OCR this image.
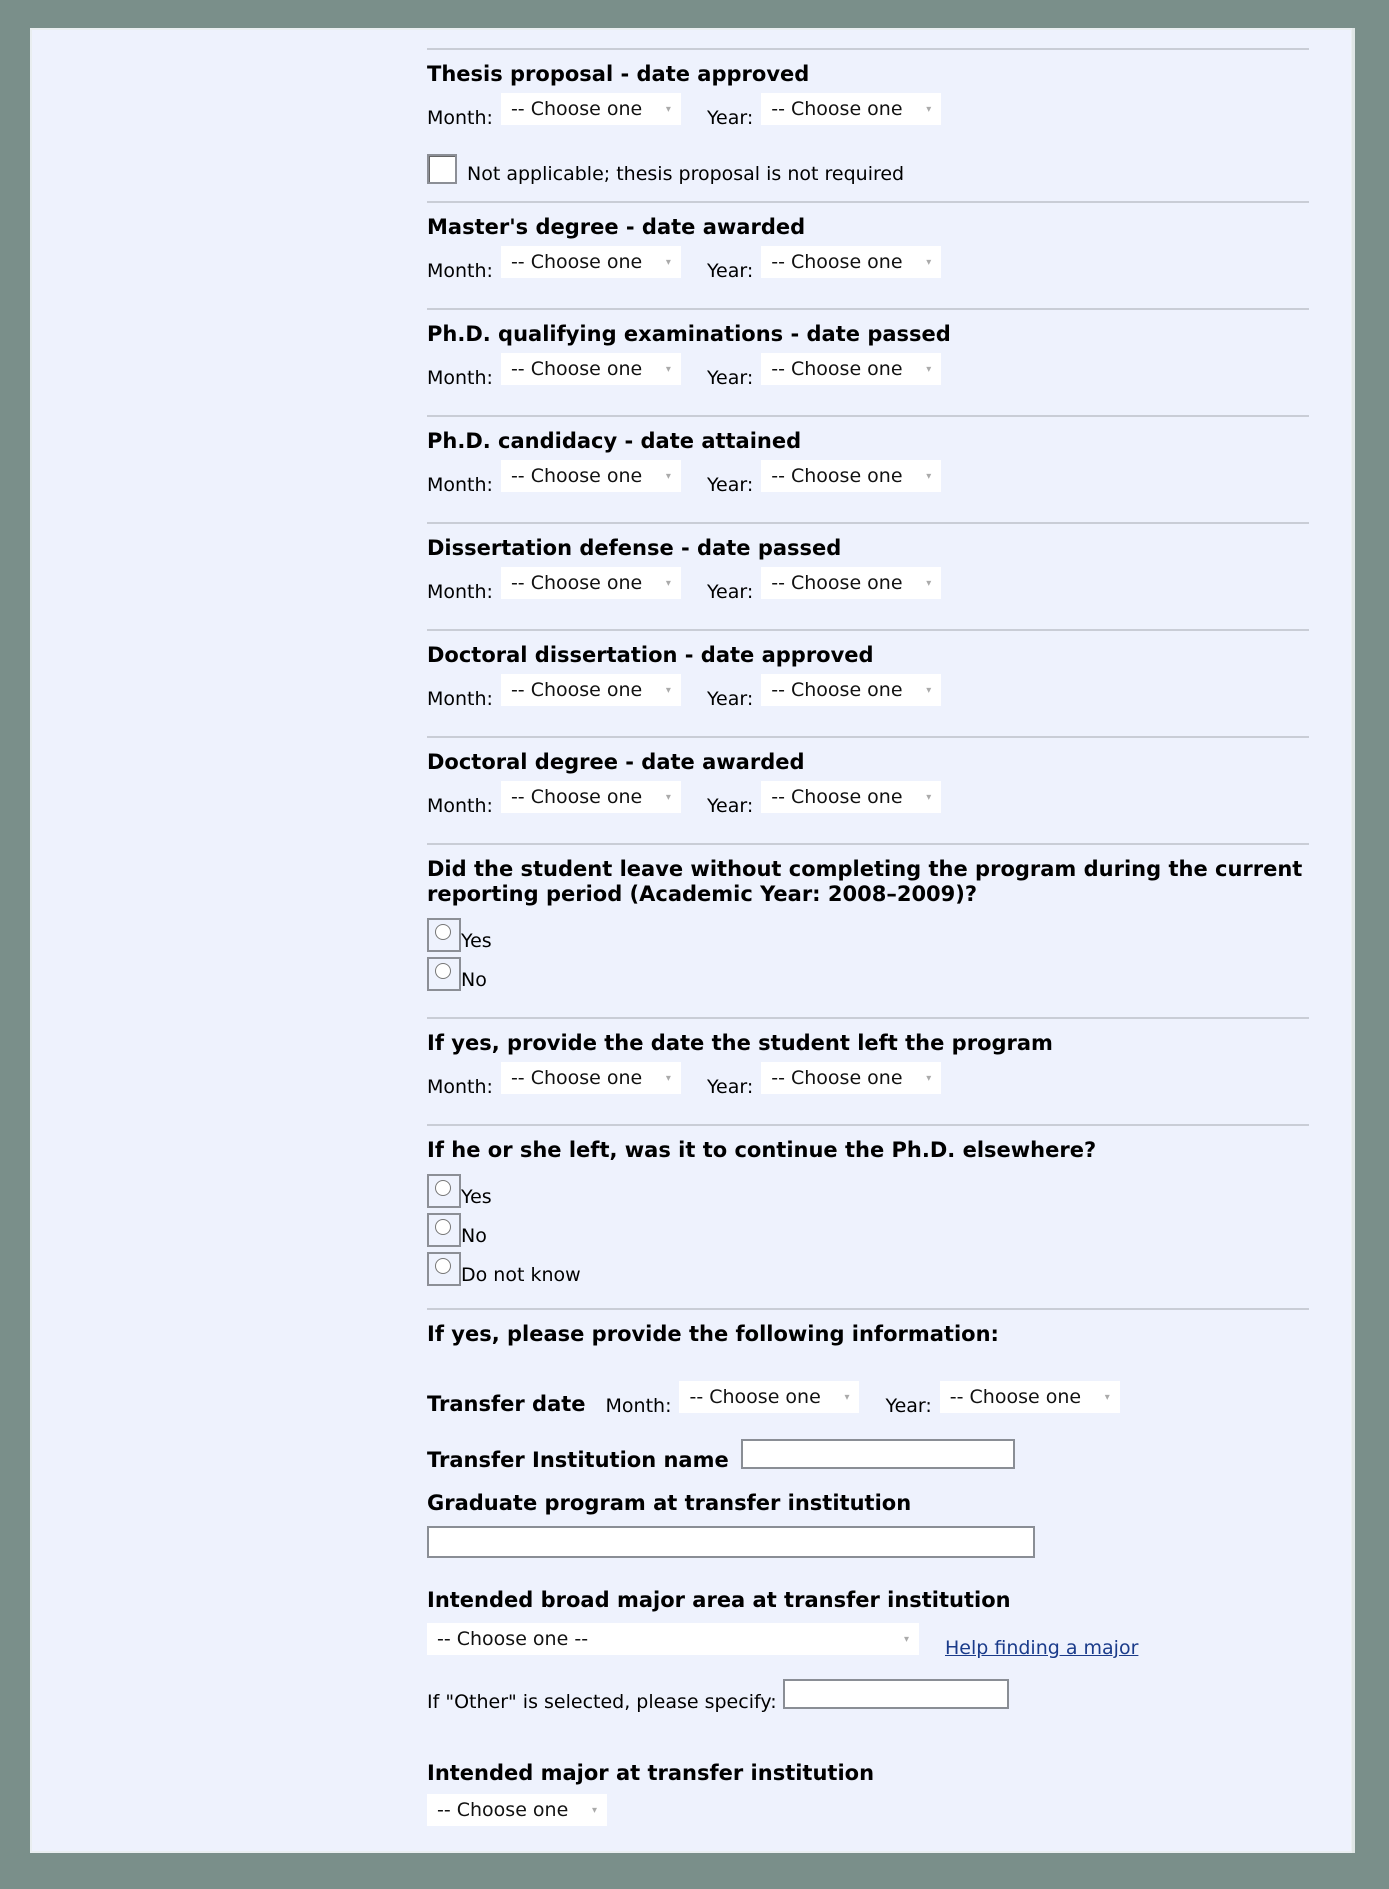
Thesis proposal - date approved
Month: -- Choose one ▾ Year: -- Choose one ▾
Not applicable; thesis proposal is not required
Master's degree - date awarded
Month: -- Choose one ▾ Year: -- Choose one ▾
Ph.D. qualifying examinations - date passed
Month: -- Choose one ▾ Year: -- Choose one ▾
Ph.D. candidacy - date attained
Month: -- Choose one ▾ Year: -- Choose one ▾
Dissertation defense - date passed
Month: -- Choose one ▾ Year: -- Choose one ▾
Doctoral dissertation - date approved
Month: -- Choose one ▾ Year: -- Choose one ▾
Doctoral degree - date awarded
Month: -- Choose one ▾ Year: -- Choose one ▾
Did the student leave without completing the program during the current reporting period (Academic Year: 2008–2009)?
Yes
No
If yes, provide the date the student left the program
Month: -- Choose one ▾ Year: -- Choose one ▾
If he or she left, was it to continue the Ph.D. elsewhere?
Yes
No
Do not know
If yes, please provide the following information:
Transfer date Month: -- Choose one ▾ Year: -- Choose one ▾
Transfer Institution name
Graduate program at transfer institution
Intended broad major area at transfer institution
-- Choose one --	▾ Help finding a major
If "Other" is selected, please specify:
Intended major at transfer institution
-- Choose one ▾
